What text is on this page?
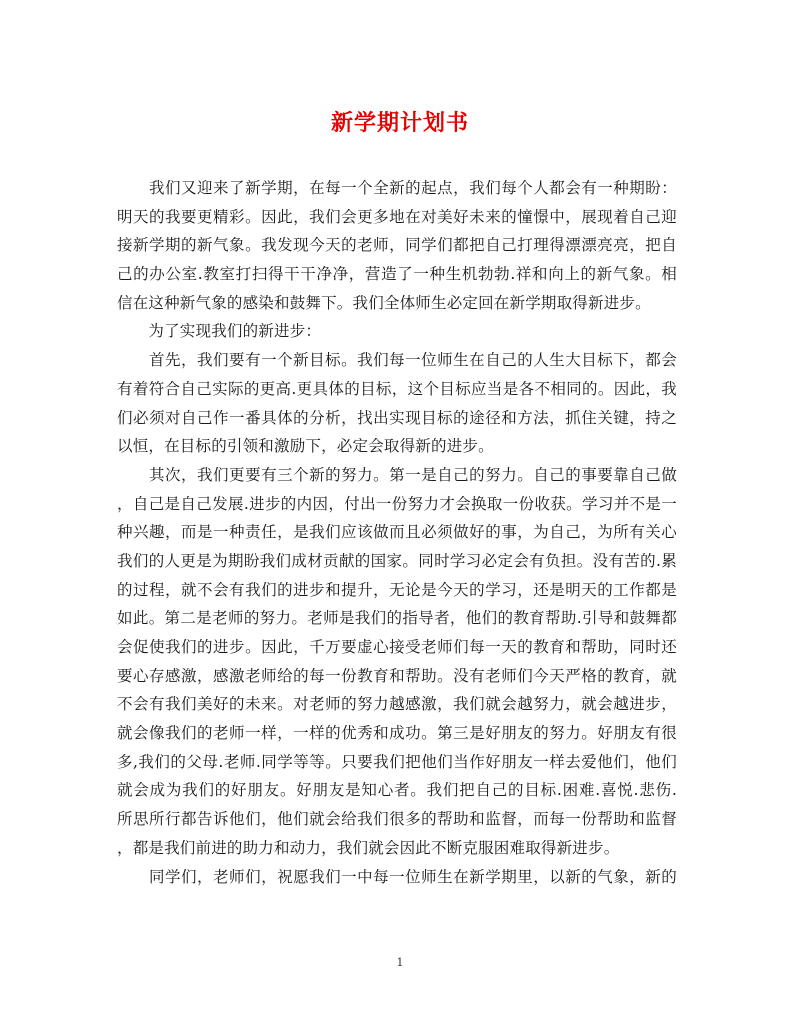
新学期计划书
　　我们又迎来了新学期，在每一个全新的起点，我们每个人都会有一种期盼：
明天的我要更精彩。因此，我们会更多地在对美好未来的憧憬中，展现着自己迎
接新学期的新气象。我发现今天的老师，同学们都把自己打理得漂漂亮亮，把自
己的办公室.教室打扫得干干净净，营造了一种生机勃勃.祥和向上的新气象。相
信在这种新气象的感染和鼓舞下。我们全体师生必定回在新学期取得新进步。
　　为了实现我们的新进步：
　　首先，我们要有一个新目标。我们每一位师生在自己的人生大目标下，都会
有着符合自己实际的更高.更具体的目标，这个目标应当是各不相同的。因此，我
们必须对自己作一番具体的分析，找出实现目标的途径和方法，抓住关键，持之
以恒，在目标的引领和激励下，必定会取得新的进步。
　　其次，我们更要有三个新的努力。第一是自己的努力。自己的事要靠自己做
，自己是自己发展.进步的内因，付出一份努力才会换取一份收获。学习并不是一
种兴趣，而是一种责任，是我们应该做而且必须做好的事，为自己，为所有关心
我们的人更是为期盼我们成材贡献的国家。同时学习必定会有负担。没有苦的.累
的过程，就不会有我们的进步和提升，无论是今天的学习，还是明天的工作都是
如此。第二是老师的努力。老师是我们的指导者，他们的教育帮助.引导和鼓舞都
会促使我们的进步。因此，千万要虚心接受老师们每一天的教育和帮助，同时还
要心存感激，感激老师给的每一份教育和帮助。没有老师们今天严格的教育，就
不会有我们美好的未来。对老师的努力越感激，我们就会越努力，就会越进步，
就会像我们的老师一样，一样的优秀和成功。第三是好朋友的努力。好朋友有很
多,我们的父母.老师.同学等等。只要我们把他们当作好朋友一样去爱他们，他们
就会成为我们的好朋友。好朋友是知心者。我们把自己的目标.困难.喜悦.悲伤.
所思所行都告诉他们，他们就会给我们很多的帮助和监督，而每一份帮助和监督
，都是我们前进的助力和动力，我们就会因此不断克服困难取得新进步。
　　同学们，老师们，祝愿我们一中每一位师生在新学期里，以新的气象，新的
1
